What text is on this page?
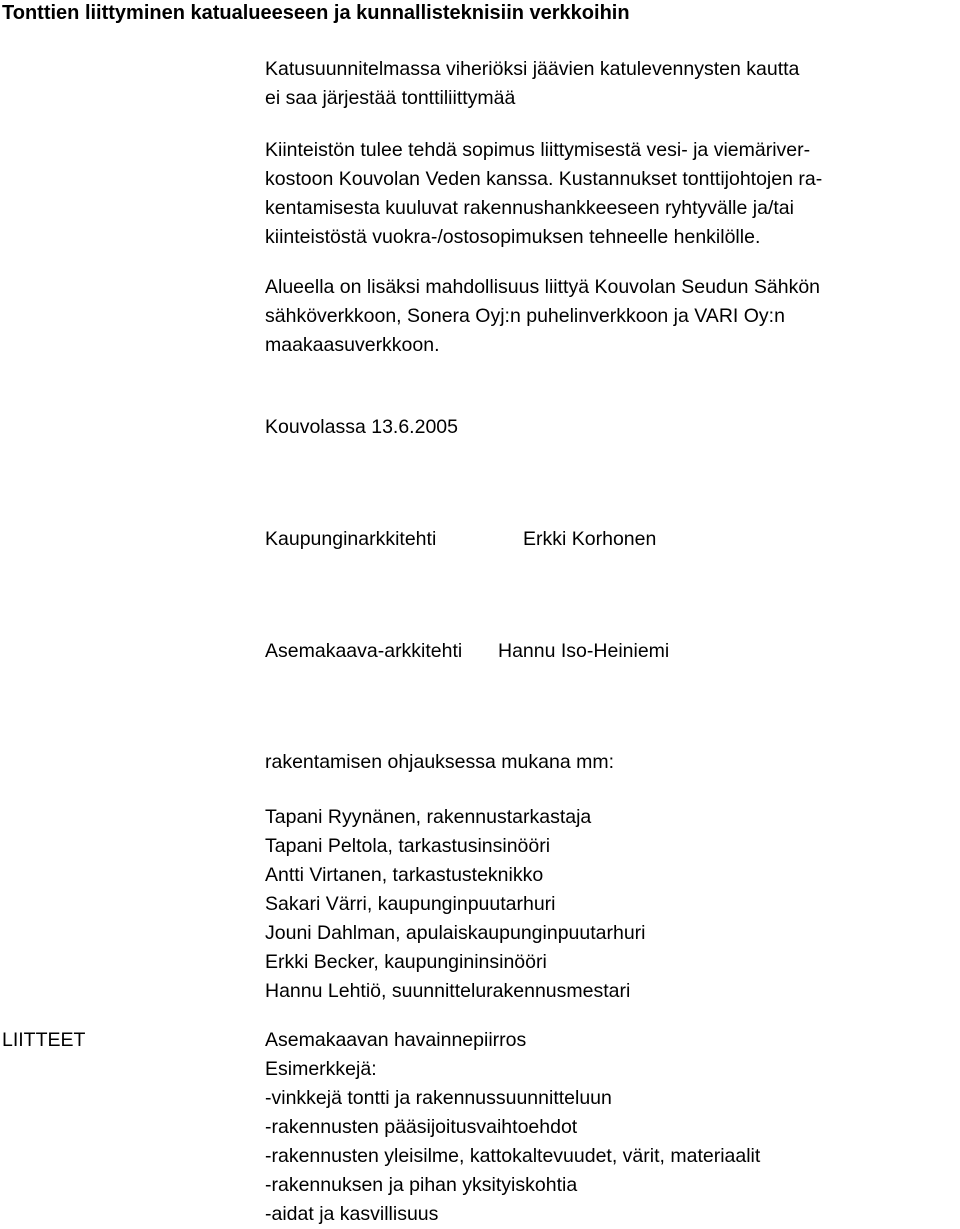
Tonttien liittyminen katualueeseen ja kunnallisteknisiin verkkoihin
Katusuunnitelmassa viheriöksi jäävien katulevennysten kautta
ei saa järjestää tonttiliittymää
Kiinteistön tulee tehdä sopimus liittymisestä vesi- ja viemäriver-
kostoon Kouvolan Veden kanssa. Kustannukset tonttijohtojen ra-
kentamisesta kuuluvat rakennushankkeeseen ryhtyvälle ja/tai
kiinteistöstä vuokra-/ostosopimuksen tehneelle henkilölle.
Alueella on lisäksi mahdollisuus liittyä Kouvolan Seudun Sähkön
sähköverkkoon, Sonera Oyj:n puhelinverkkoon ja VARI Oy:n
maakaasuverkkoon.
Kouvolassa 13.6.2005
Kaupunginarkkitehti	Erkki Korhonen
Asemakaava-arkkitehti Hannu Iso-Heiniemi
rakentamisen ohjauksessa mukana mm:
Tapani Ryynänen, rakennustarkastaja
Tapani Peltola, tarkastusinsinööri
Antti Virtanen, tarkastusteknikko
Sakari Värri, kaupunginpuutarhuri
Jouni Dahlman, apulaiskaupunginpuutarhuri
Erkki Becker, kaupungininsinööri
Hannu Lehtiö, suunnittelurakennusmestari
LIITTEET	Asemakaavan havainnepiirros
Esimerkkejä:
-vinkkejä tontti ja rakennussuunnitteluun
-rakennusten pääsijoitusvaihtoehdot
-rakennusten yleisilme, kattokaltevuudet, värit, materiaalit
-rakennuksen ja pihan yksityiskohtia
-aidat ja kasvillisuus
